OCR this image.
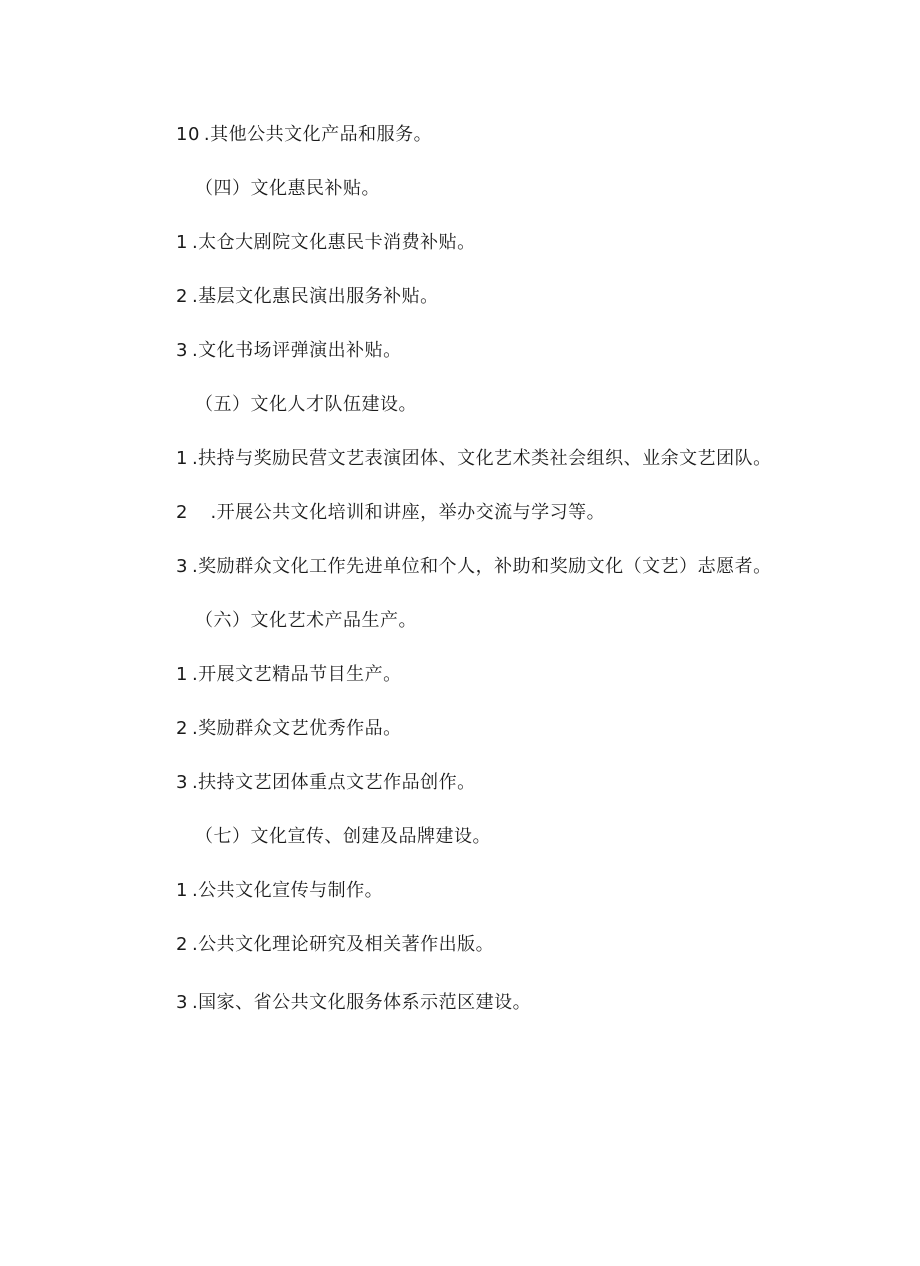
10 .其他公共文化产品和服务。
（四）文化惠民补贴。
1 .太仓大剧院文化惠民卡消费补贴。
2 .基层文化惠民演出服务补贴。
3 .文化书场评弹演出补贴。
（五）文化人才队伍建设。
1 .扶持与奖励民营文艺表演团体、文化艺术类社会组织、业余文艺团队。
2　.开展公共文化培训和讲座，举办交流与学习等。
3 .奖励群众文化工作先进单位和个人，补助和奖励文化（文艺）志愿者。
（六）文化艺术产品生产。
1 .开展文艺精品节目生产。
2 .奖励群众文艺优秀作品。
3 .扶持文艺团体重点文艺作品创作。
（七）文化宣传、创建及品牌建设。
1 .公共文化宣传与制作。
2 .公共文化理论研究及相关著作出版。
3 .国家、省公共文化服务体系示范区建设。
